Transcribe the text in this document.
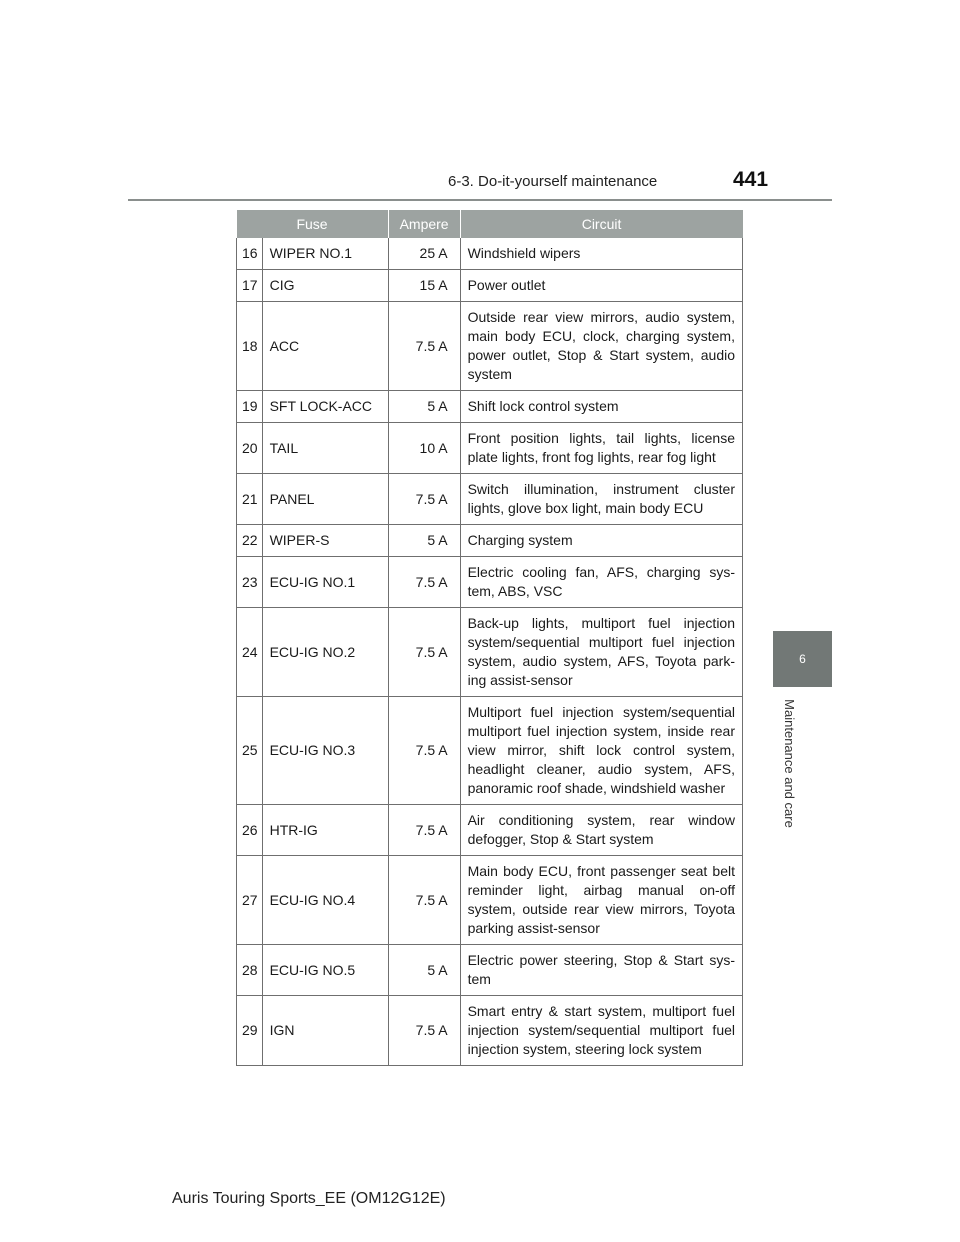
6-3. Do-it-yourself maintenance	441
6
Maintenance and care
Fuse		Ampere	Circuit
16	WIPER NO.1	25 A	Windshield wipers
17	CIG	15 A	Power outlet
18	ACC	7.5 A	Outside rear view mirrors, audio system, main body ECU, clock, charging system, power outlet, Stop & Start system, audio system
19	SFT LOCK-ACC	5 A	Shift lock control system
20	TAIL	10 A	Front position lights, tail lights, license plate lights, front fog lights, rear fog light
21	PANEL	7.5 A	Switch illumination, instrument cluster lights, glove box light, main body ECU
22	WIPER-S	5 A	Charging system
23	ECU-IG NO.1	7.5 A	Electric cooling fan, AFS, charging sys-tem, ABS, VSC
24	ECU-IG NO.2	7.5 A	Back-up lights, multiport fuel injection system/sequential multiport fuel injection system, audio system, AFS, Toyota park-ing assist-sensor
25	ECU-IG NO.3	7.5 A	Multiport fuel injection system/sequential multiport fuel injection system, inside rear view mirror, shift lock control system, headlight cleaner, audio system, AFS, panoramic roof shade, windshield washer
26	HTR-IG	7.5 A	Air conditioning system, rear window defogger, Stop & Start system
27	ECU-IG NO.4	7.5 A	Main body ECU, front passenger seat belt reminder light, airbag manual on-off system, outside rear view mirrors, Toyota parking assist-sensor
28	ECU-IG NO.5	5 A	Electric power steering, Stop & Start sys-tem
29	IGN	7.5 A	Smart entry & start system, multiport fuel injection system/sequential multiport fuel injection system, steering lock system
Auris Touring Sports_EE (OM12G12E)
